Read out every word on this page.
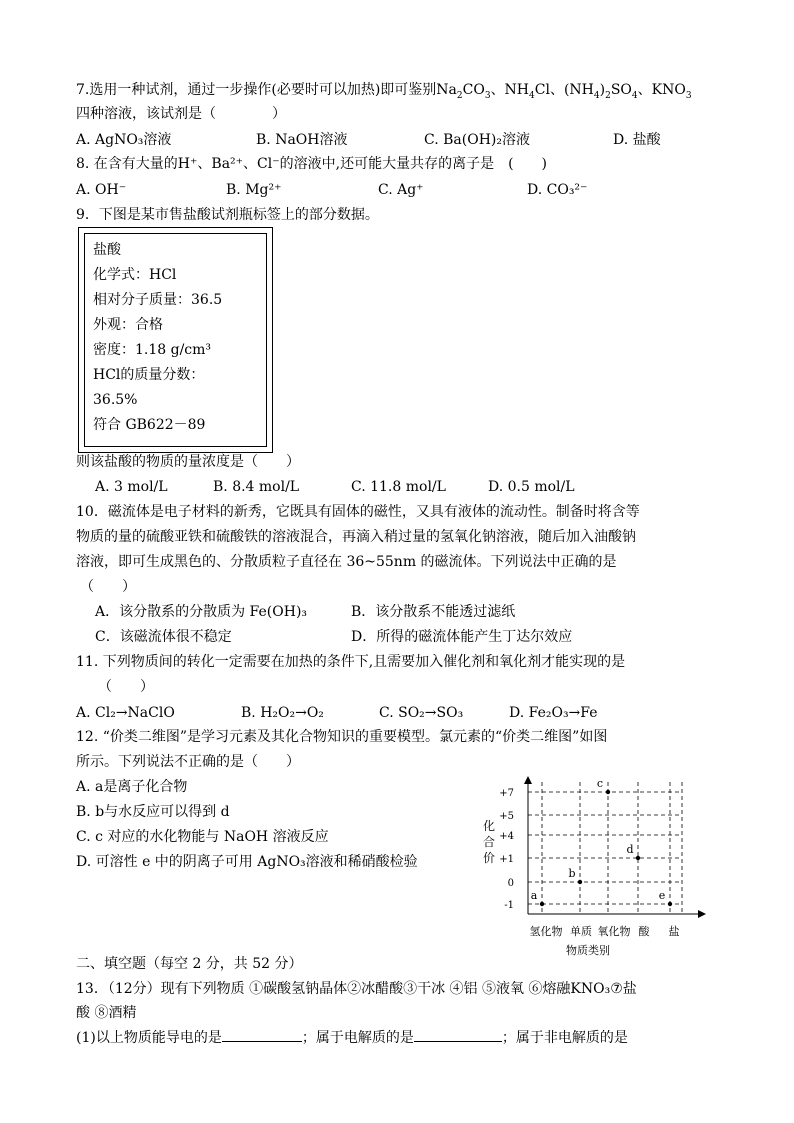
7.选用一种试剂，通过一步操作(必要时可以加热)即可鉴别$Na_2CO_3$、$NH_4Cl$、$(NH_4)_2SO_4$、$KNO_3$
四种溶液，该试剂是（　　　　）
A. AgNO₃溶液	B. NaOH溶液	C. Ba(OH)₂溶液	D. 盐酸
8. 在含有大量的H⁺、Ba²⁺、Cl⁻的溶液中,还可能大量共存的离子是　(　　)
A. OH⁻	B. Mg²⁺	C. Ag⁺	D. CO₃²⁻
9．下图是某市售盐酸试剂瓶标签上的部分数据。
盐酸
化学式：HCl
相对分子质量：36.5
外观：合格
密度：1.18 g/cm³
HCl的质量分数：
36.5%
符合 GB622－89
则该盐酸的物质的量浓度是（　　）
A. 3 mol/L	B. 8.4 mol/L	C. 11.8 mol/L	D. 0.5 mol/L
10．磁流体是电子材料的新秀，它既具有固体的磁性，又具有液体的流动性。制备时将含等
物质的量的硫酸亚铁和硫酸铁的溶液混合，再滴入稍过量的氢氧化钠溶液，随后加入油酸钠
溶液，即可生成黑色的、分散质粒子直径在 36~55nm 的磁流体。下列说法中正确的是
（　　）
A．该分散系的分散质为 Fe(OH)₃	B．该分散系不能透过滤纸
C．该磁流体很不稳定	D．所得的磁流体能产生丁达尔效应
11. 下列物质间的转化一定需要在加热的条件下,且需要加入催化剂和氧化剂才能实现的是
（　　）
A. Cl₂→NaClO	B. H₂O₂→O₂	C. SO₂→SO₃	D. Fe₂O₃→Fe
12. “价类二维图”是学习元素及其化合物知识的重要模型。氯元素的“价类二维图”如图
所示。下列说法不正确的是（　　）
A. a是离子化合物
B. b与水反应可以得到 d
C. c 对应的水化物能与 NaOH 溶液反应
D. 可溶性 e 中的阴离子可用 AgNO₃溶液和稀硝酸检验
+7
+5
+4
+1
0
-1
化
合
价
氢化物 单质 氧化物 酸 盐
物质类别
a
b
c
d
e
二、填空题（每空 2 分，共 52 分）
13．（12分）现有下列物质 ①碳酸氢钠晶体②冰醋酸③干冰 ④铝 ⑤液氧 ⑥熔融KNO₃⑦盐
酸 ⑧酒精
(1)以上物质能导电的是	；属于电解质的是	；属于非电解质的是
